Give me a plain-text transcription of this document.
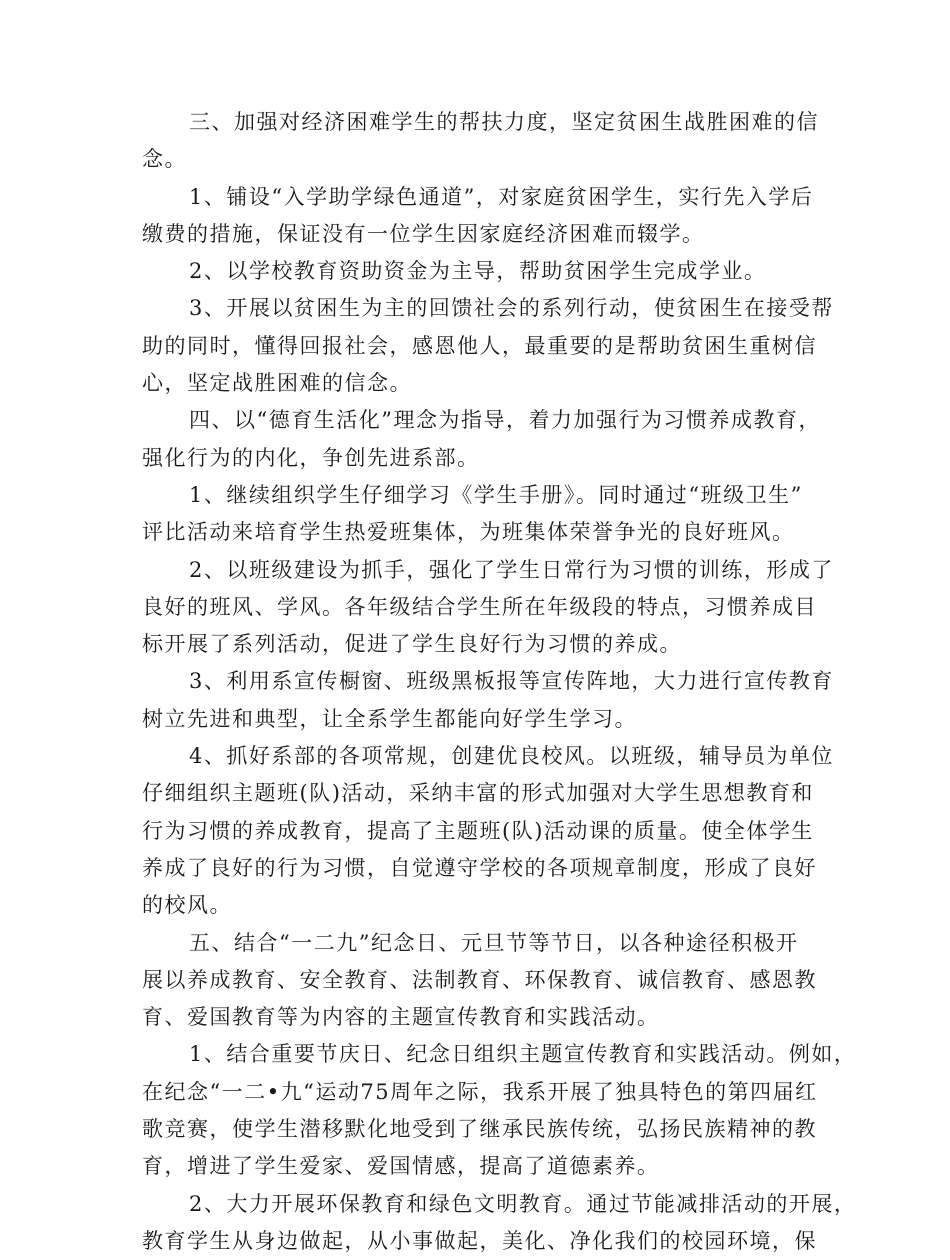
三、加强对经济困难学生的帮扶力度，坚定贫困生战胜困难的信
念。
1、铺设“入学助学绿色通道”，对家庭贫困学生，实行先入学后
缴费的措施，保证没有一位学生因家庭经济困难而辍学。
2、以学校教育资助资金为主导，帮助贫困学生完成学业。
3、开展以贫困生为主的回馈社会的系列行动，使贫困生在接受帮
助的同时，懂得回报社会，感恩他人，最重要的是帮助贫困生重树信
心，坚定战胜困难的信念。
四、以“德育生活化”理念为指导，着力加强行为习惯养成教育，
强化行为的内化，争创先进系部。
1、继续组织学生仔细学习《学生手册》。同时通过“班级卫生”
评比活动来培育学生热爱班集体，为班集体荣誉争光的良好班风。
2、以班级建设为抓手，强化了学生日常行为习惯的训练，形成了
良好的班风、学风。各年级结合学生所在年级段的特点，习惯养成目
标开展了系列活动，促进了学生良好行为习惯的养成。
3、利用系宣传橱窗、班级黑板报等宣传阵地，大力进行宣传教育
树立先进和典型，让全系学生都能向好学生学习。
4、抓好系部的各项常规，创建优良校风。以班级，辅导员为单位
仔细组织主题班(队)活动，采纳丰富的形式加强对大学生思想教育和
行为习惯的养成教育，提高了主题班(队)活动课的质量。使全体学生
养成了良好的行为习惯，自觉遵守学校的各项规章制度，形成了良好
的校风。
五、结合“一二九”纪念日、元旦节等节日，以各种途径积极开
展以养成教育、安全教育、法制教育、环保教育、诚信教育、感恩教
育、爱国教育等为内容的主题宣传教育和实践活动。
1、结合重要节庆日、纪念日组织主题宣传教育和实践活动。例如，
在纪念“一二•九“运动75周年之际，我系开展了独具特色的第四届红
歌竞赛，使学生潜移默化地受到了继承民族传统，弘扬民族精神的教
育，增进了学生爱家、爱国情感，提高了道德素养。
2、大力开展环保教育和绿色文明教育。通过节能减排活动的开展，
教育学生从身边做起，从小事做起，美化、净化我们的校园环境，保
